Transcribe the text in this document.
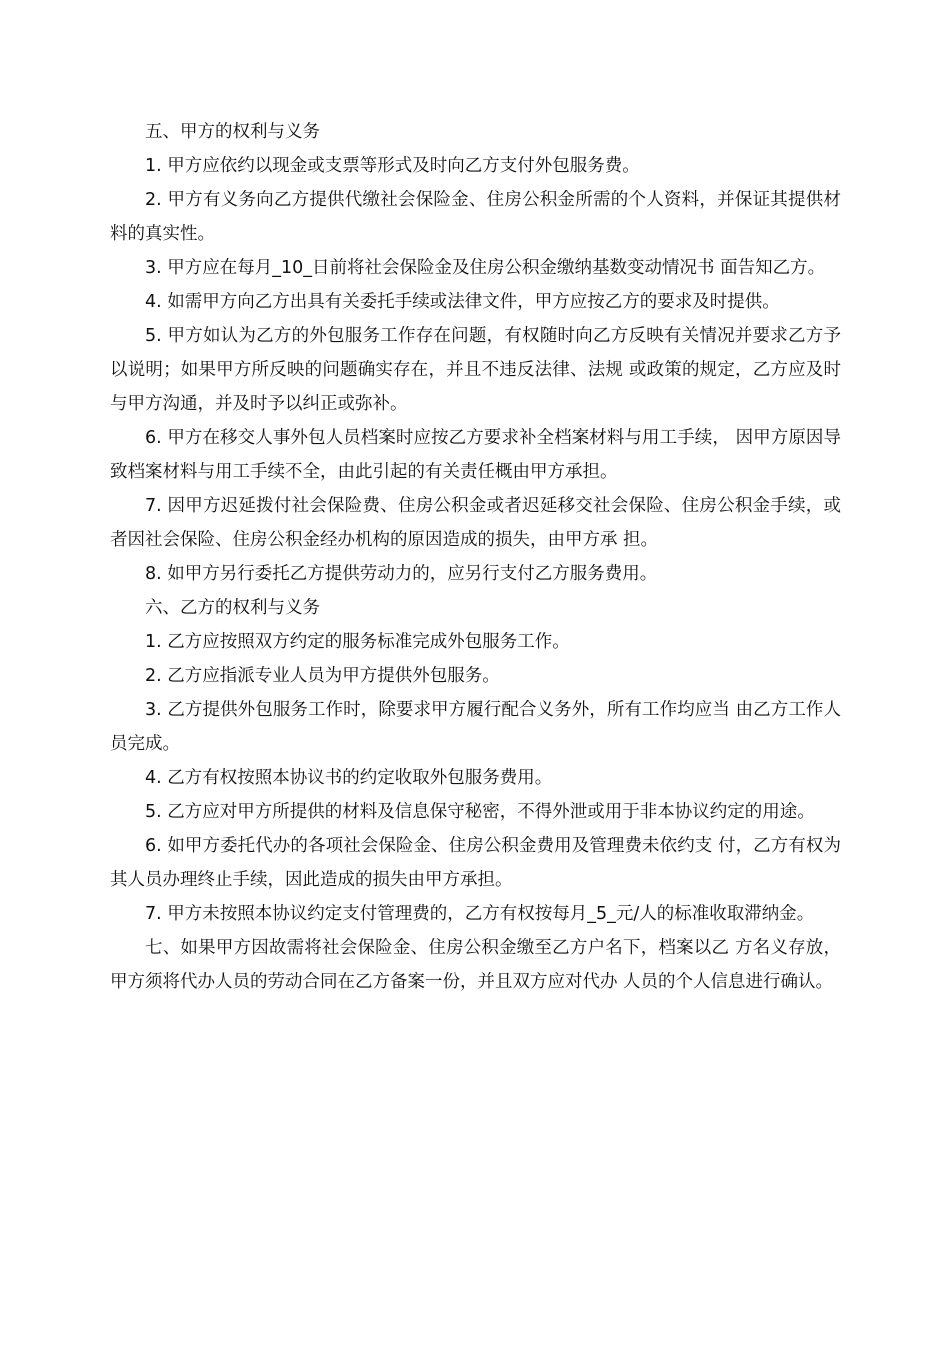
五、甲方的权利与义务

1. 甲方应依约以现金或支票等形式及时向乙方支付外包服务费。

2. 甲方有义务向乙方提供代缴社会保险金、住房公积金所需的个人资料，并保证其提供材料的真实性。

3. 甲方应在每月_10_日前将社会保险金及住房公积金缴纳基数变动情况书 面告知乙方。

4. 如需甲方向乙方出具有关委托手续或法律文件，甲方应按乙方的要求及时提供。

5. 甲方如认为乙方的外包服务工作存在问题，有权随时向乙方反映有关情况并要求乙方予以说明；如果甲方所反映的问题确实存在，并且不违反法律、法规 或政策的规定，乙方应及时与甲方沟通，并及时予以纠正或弥补。

6. 甲方在移交人事外包人员档案时应按乙方要求补全档案材料与用工手续， 因甲方原因导致档案材料与用工手续不全，由此引起的有关责任概由甲方承担。

7. 因甲方迟延拨付社会保险费、住房公积金或者迟延移交社会保险、住房公积金手续，或者因社会保险、住房公积金经办机构的原因造成的损失，由甲方承 担。

8. 如甲方另行委托乙方提供劳动力的，应另行支付乙方服务费用。

六、乙方的权利与义务

1. 乙方应按照双方约定的服务标准完成外包服务工作。

2. 乙方应指派专业人员为甲方提供外包服务。

3. 乙方提供外包服务工作时，除要求甲方履行配合义务外，所有工作均应当 由乙方工作人员完成。

4. 乙方有权按照本协议书的约定收取外包服务费用。

5. 乙方应对甲方所提供的材料及信息保守秘密，不得外泄或用于非本协议约定的用途。

6. 如甲方委托代办的各项社会保险金、住房公积金费用及管理费未依约支 付，乙方有权为其人员办理终止手续，因此造成的损失由甲方承担。

7. 甲方未按照本协议约定支付管理费的，乙方有权按每月_5_元/人的标准收取滞纳金。

七、如果甲方因故需将社会保险金、住房公积金缴至乙方户名下，档案以乙 方名义存放，甲方须将代办人员的劳动合同在乙方备案一份，并且双方应对代办 人员的个人信息进行确认。
